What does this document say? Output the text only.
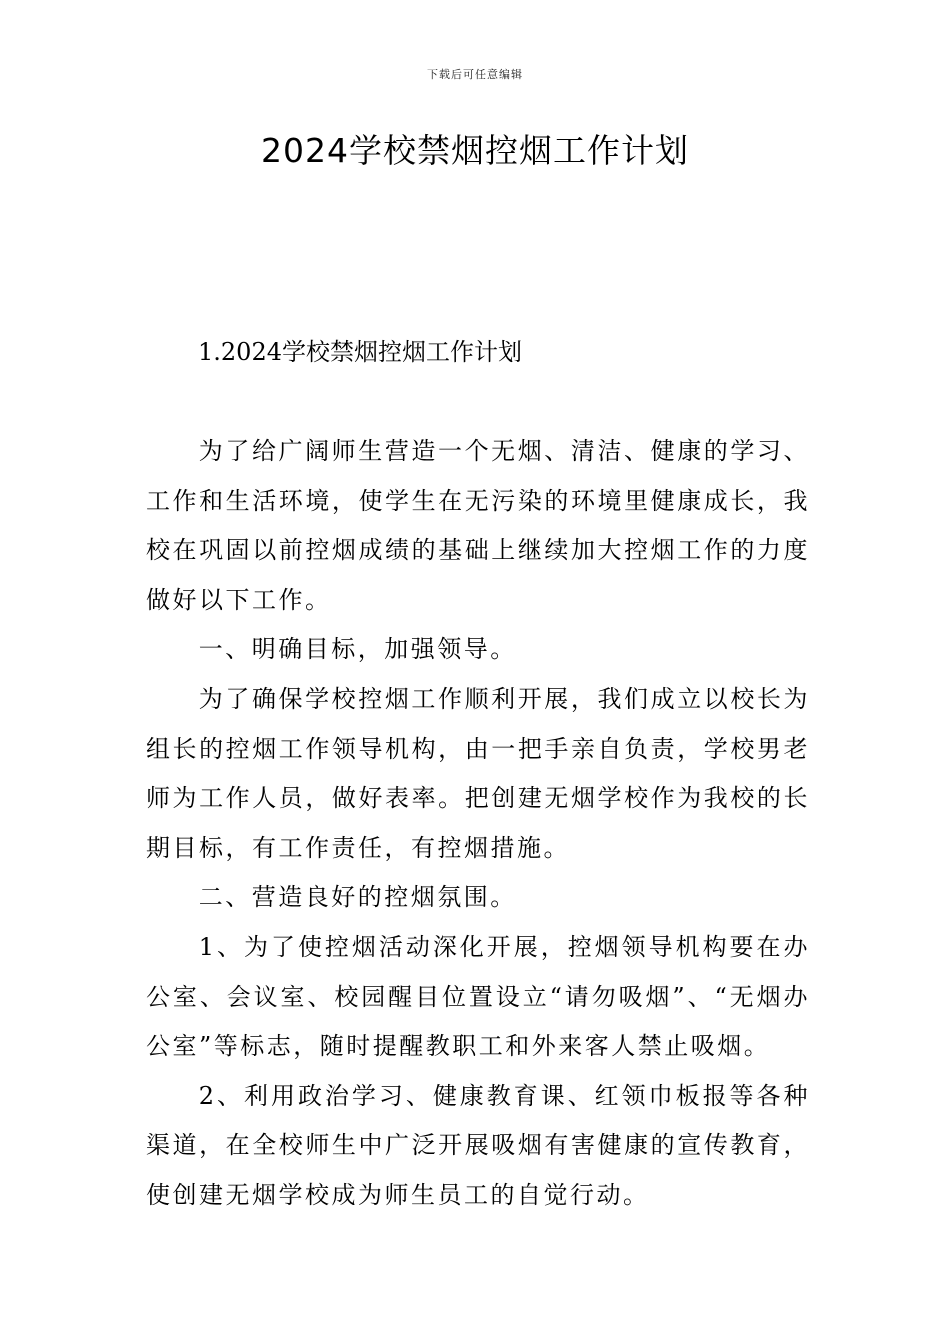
下载后可任意编辑
2024学校禁烟控烟工作计划
1.2024学校禁烟控烟工作计划

为了给广阔师生营造一个无烟、清洁、健康的学习、工作和生活环境，使学生在无污染的环境里健康成长，我校在巩固以前控烟成绩的基础上继续加大控烟工作的力度做好以下工作。

一、明确目标，加强领导。

为了确保学校控烟工作顺利开展，我们成立以校长为组长的控烟工作领导机构，由一把手亲自负责，学校男老师为工作人员，做好表率。把创建无烟学校作为我校的长期目标，有工作责任，有控烟措施。

二、营造良好的控烟氛围。

1、为了使控烟活动深化开展，控烟领导机构要在办公室、会议室、校园醒目位置设立“请勿吸烟”、“无烟办公室”等标志，随时提醒教职工和外来客人禁止吸烟。

2、利用政治学习、健康教育课、红领巾板报等各种渠道，在全校师生中广泛开展吸烟有害健康的宣传教育，使创建无烟学校成为师生员工的自觉行动。
